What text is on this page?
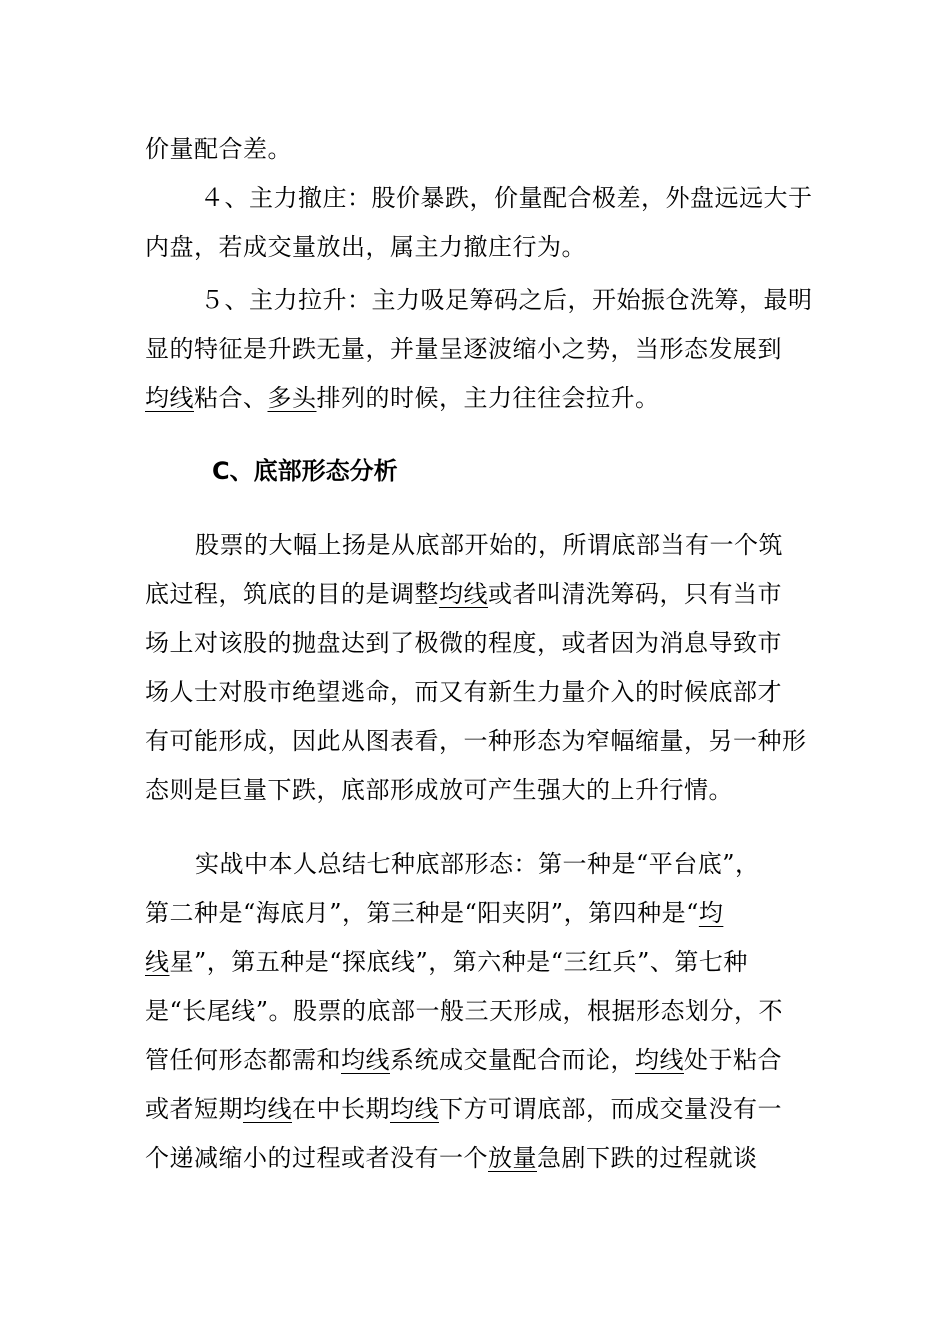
价量配合差。
４、主力撤庄：股价暴跌，价量配合极差，外盘远远大于
内盘，若成交量放出，属主力撤庄行为。
５、主力拉升：主力吸足筹码之后，开始振仓洗筹，最明
显的特征是升跌无量，并量呈逐波缩小之势，当形态发展到
均线粘合、多头排列的时候，主力往往会拉升。
C、底部形态分析
股票的大幅上扬是从底部开始的，所谓底部当有一个筑
底过程，筑底的目的是调整均线或者叫清洗筹码，只有当市
场上对该股的抛盘达到了极微的程度，或者因为消息导致市
场人士对股市绝望逃命，而又有新生力量介入的时候底部才
有可能形成，因此从图表看，一种形态为窄幅缩量，另一种形
态则是巨量下跌，底部形成放可产生强大的上升行情。
实战中本人总结七种底部形态：第一种是“平台底”，
第二种是“海底月”，第三种是“阳夹阴”，第四种是“均
线星”，第五种是“探底线”，第六种是“三红兵”、第七种
是“长尾线”。股票的底部一般三天形成，根据形态划分，不
管任何形态都需和均线系统成交量配合而论，均线处于粘合
或者短期均线在中长期均线下方可谓底部，而成交量没有一
个递减缩小的过程或者没有一个放量急剧下跌的过程就谈
